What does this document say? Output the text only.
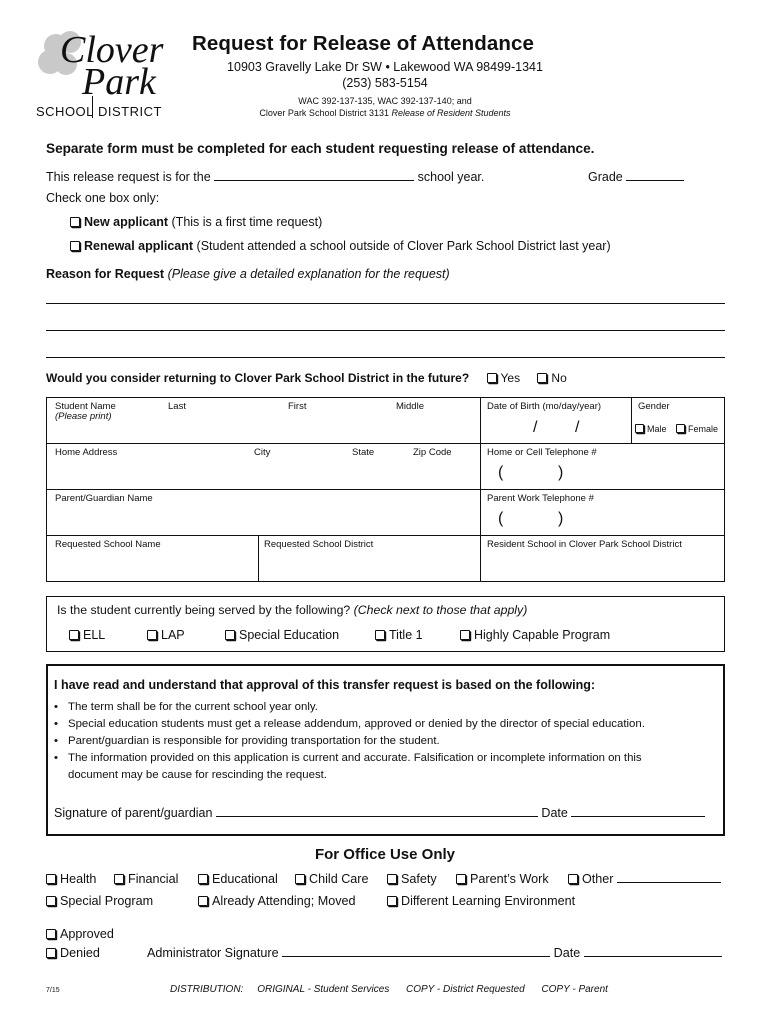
Clover
Park
SCHOOL DISTRICT
Request for Release of Attendance
10903 Gravelly Lake Dr SW • Lakewood WA 98499-1341
(253) 583-5154
WAC 392-137-135, WAC 392-137-140; and
Clover Park School District 3131 Release of Resident Students
Separate form must be completed for each student requesting release of attendance.
This release request is for the	school year.	Grade
Check one box only:
New applicant (This is a first time request)
Renewal applicant (Student attended a school outside of Clover Park School District last year)
Reason for Request (Please give a detailed explanation for the request)
Would you consider returning to Clover Park School District in the future?	Yes	No
Student Name
(Please print)
Last	First	Middle	Date of Birth (mo/day/year)
/ /
Gender
Male	Female
Home Address	City	State	Zip Code	Home or Cell Telephone #
(	)
Parent/Guardian Name	Parent Work Telephone #
(	)
Requested School Name	Requested School District	Resident School in Clover Park School District
Is the student currently being served by the following? (Check next to those that apply)
ELL	LAP	Special Education	Title 1	Highly Capable Program
I have read and understand that approval of this transfer request is based on the following:
• The term shall be for the current school year only.
• Special education students must get a release addendum, approved or denied by the director of special education.
• Parent/guardian is responsible for providing transportation for the student.
• The information provided on this application is current and accurate. Falsification or incomplete information on this document may be cause for rescinding the request.
Signature of parent/guardian	Date
For Office Use Only
Health	Financial	Educational	Child Care	Safety	Parent’s Work	Other
Special Program	Already Attending; Moved	Different Learning Environment
Approved
Denied	Administrator Signature	Date
7/15	DISTRIBUTION:     ORIGINAL - Student Services      COPY - District Requested      COPY - Parent
